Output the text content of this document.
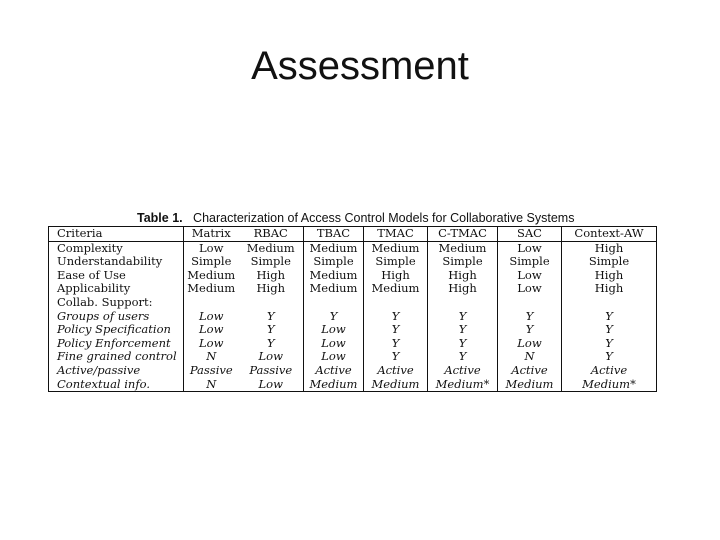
Assessment
Table 1. Characterization of Access Control Models for Collaborative Systems
Criteria	Matrix	RBAC	TBAC	TMAC	C-TMAC	SAC	Context-AW
Complexity	Low	Medium	Medium	Medium	Medium	Low	High
Understandability	Simple	Simple	Simple	Simple	Simple	Simple	Simple
Ease of Use	Medium	High	Medium	High	High	Low	High
Applicability	Medium	High	Medium	Medium	High	Low	High
Collab. Support:							
Groups of users	Low	Y	Y	Y	Y	Y	Y
Policy Specification	Low	Y	Low	Y	Y	Y	Y
Policy Enforcement	Low	Y	Low	Y	Y	Low	Y
Fine grained control	N	Low	Low	Y	Y	N	Y
Active/passive	Passive	Passive	Active	Active	Active	Active	Active
Contextual info.	N	Low	Medium	Medium	Medium*	Medium	Medium*
